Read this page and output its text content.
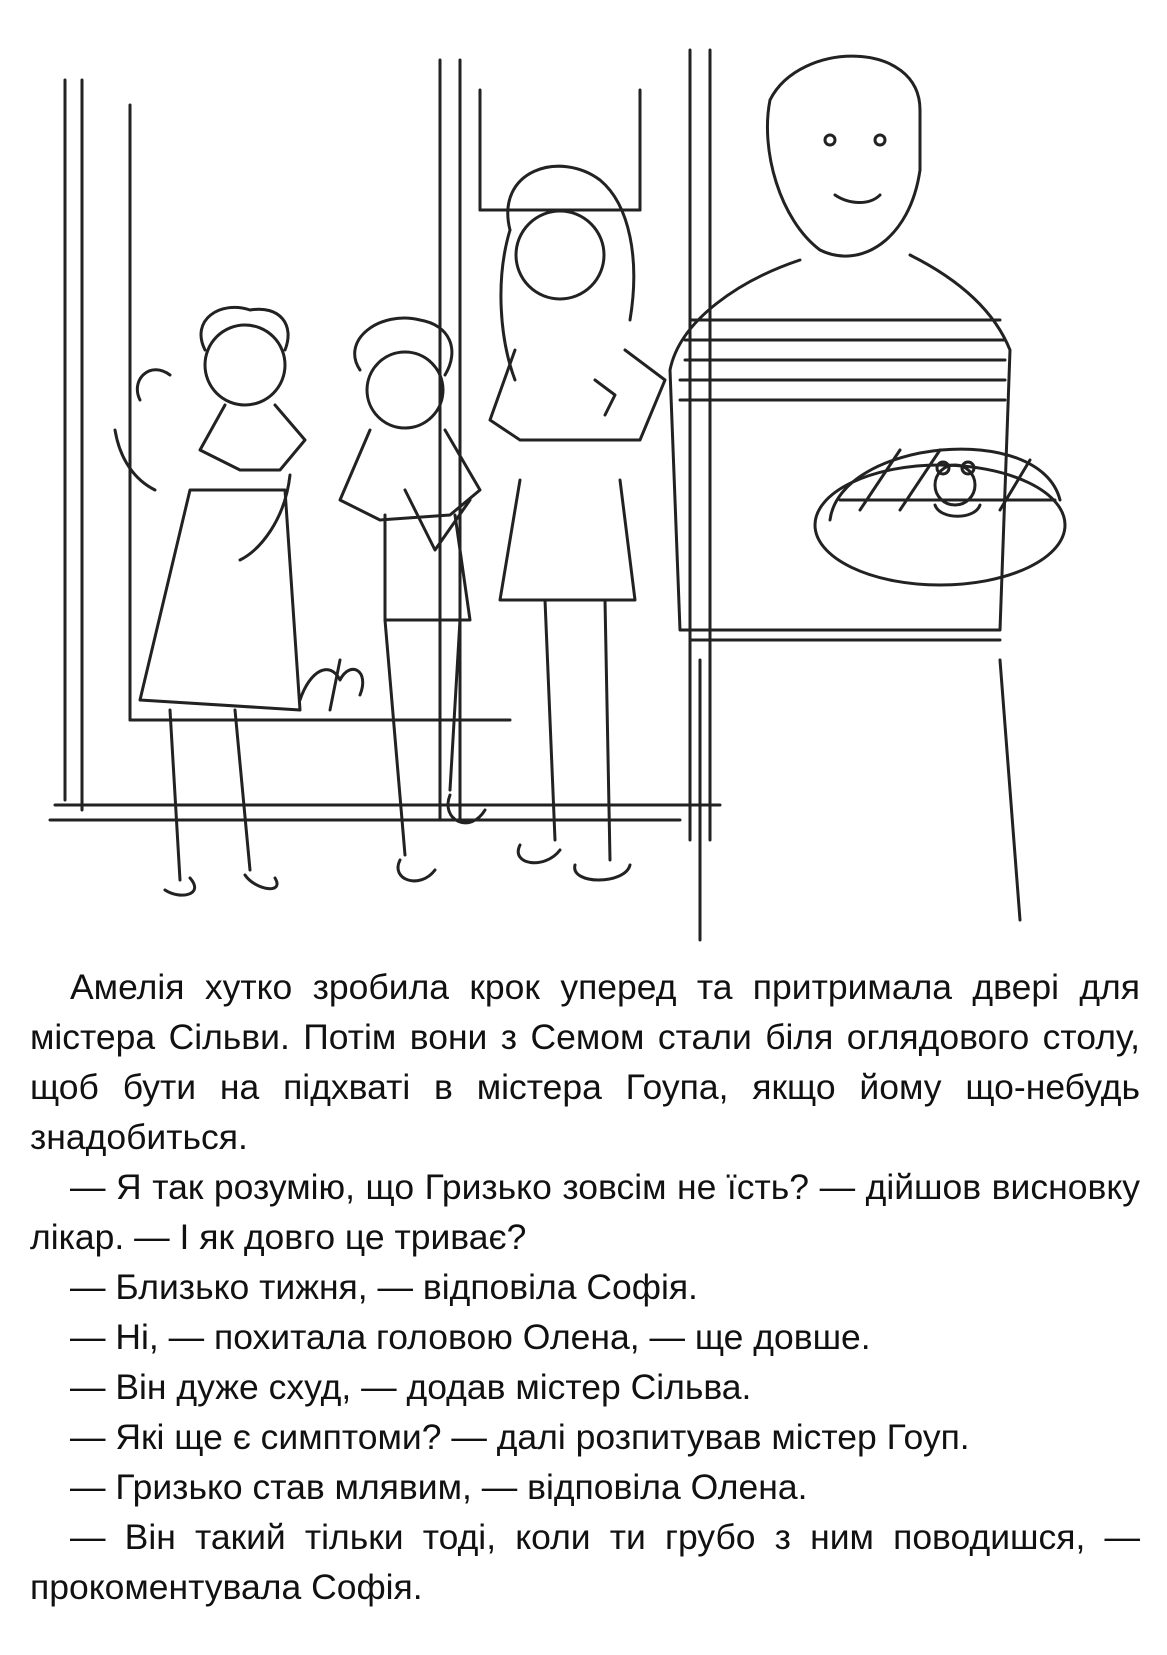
Амелія хутко зробила крок уперед та притримала двері для містера Сільви. Потім вони з Семом стали біля оглядового столу, щоб бути на підхваті в містера Гоупа, якщо йому що-небудь знадобиться.

— Я так розумію, що Гризько зовсім не їсть? — дійшов висновку лікар. — І як довго це триває?

— Близько тижня, — відповіла Софія.

— Ні, — похитала головою Олена, — ще довше.

— Він дуже схуд, — додав містер Сільва.

— Які ще є симптоми? — далі розпитував містер Гоуп.

— Гризько став млявим, — відповіла Олена.

— Він такий тільки тоді, коли ти грубо з ним поводишся, — прокоментувала Софія.
